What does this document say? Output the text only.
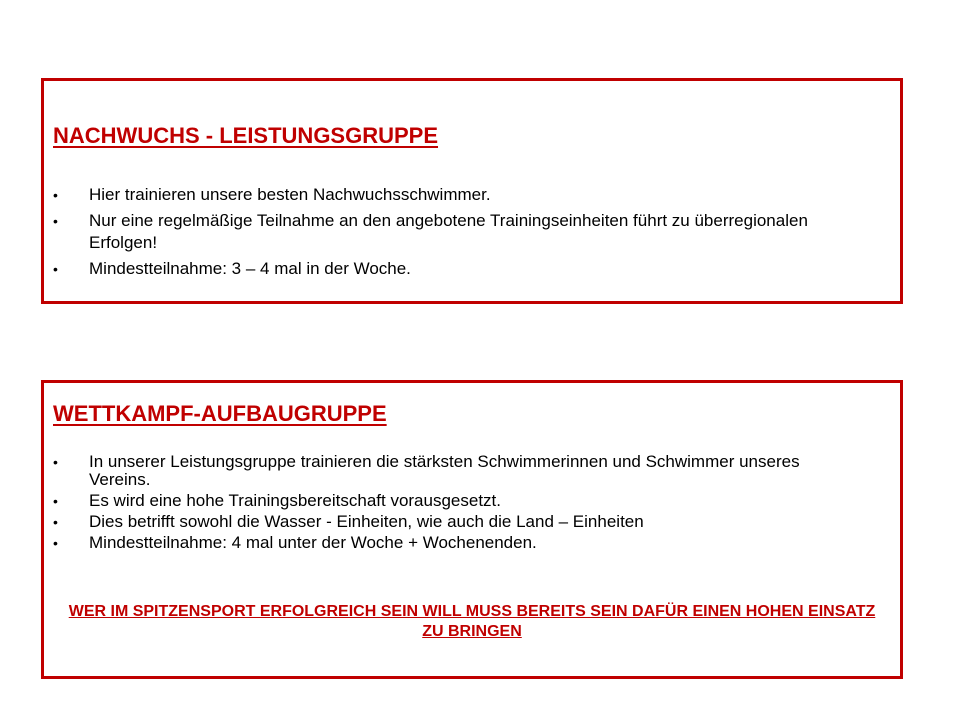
NACHWUCHS - LEISTUNGSGRUPPE
• Hier trainieren unsere besten Nachwuchsschwimmer.
• Nur eine regelmäßige Teilnahme an den angebotene Trainingseinheiten führt zu überregionalen Erfolgen!
• Mindestteilnahme: 3 – 4 mal in der Woche.
WETTKAMPF-AUFBAUGRUPPE
• In unserer Leistungsgruppe trainieren die stärksten Schwimmerinnen und Schwimmer unseres Vereins.
• Es wird eine hohe Trainingsbereitschaft vorausgesetzt.
• Dies betrifft sowohl die Wasser - Einheiten, wie auch die Land – Einheiten
• Mindestteilnahme: 4 mal unter der Woche + Wochenenden.
WER IM SPITZENSPORT ERFOLGREICH SEIN WILL MUSS BEREITS SEIN DAFÜR EINEN HOHEN EINSATZ ZU BRINGEN
